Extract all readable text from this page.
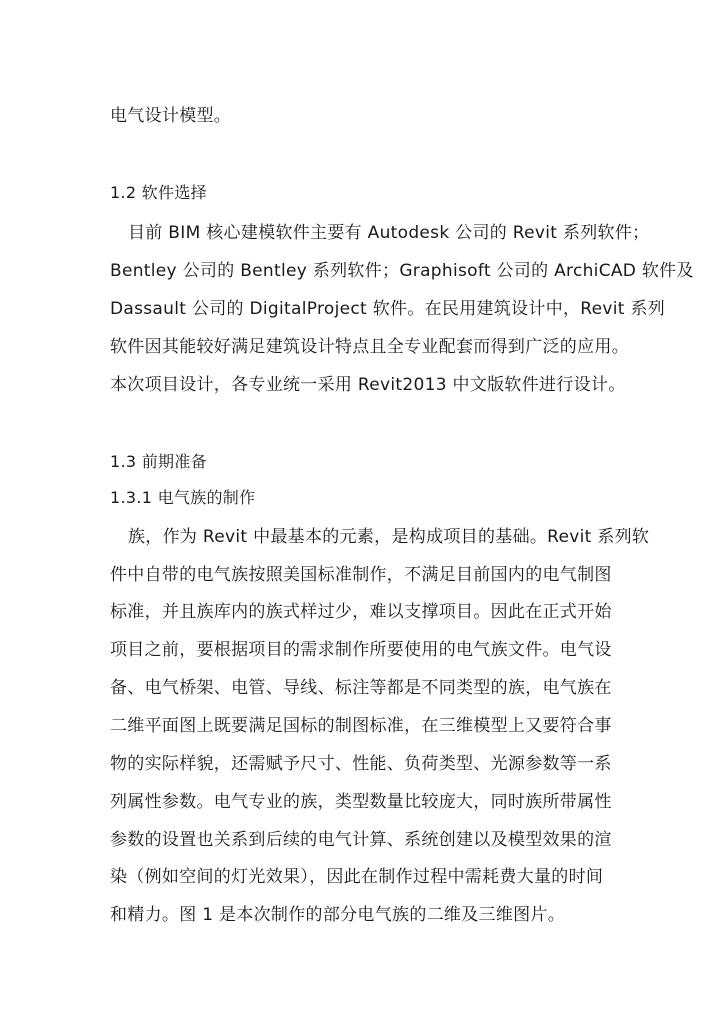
电气设计模型。
1.2 软件选择
目前 BIM 核心建模软件主要有 Autodesk 公司的 Revit 系列软件；
Bentley 公司的 Bentley 系列软件；Graphisoft 公司的 ArchiCAD 软件及
Dassault 公司的 DigitalProject 软件。在民用建筑设计中，Revit 系列
软件因其能较好满足建筑设计特点且全专业配套而得到广泛的应用。
本次项目设计，各专业统一采用 Revit2013 中文版软件进行设计。
1.3 前期准备
1.3.1 电气族的制作
族，作为 Revit 中最基本的元素，是构成项目的基础。Revit 系列软
件中自带的电气族按照美国标准制作，不满足目前国内的电气制图
标准，并且族库内的族式样过少，难以支撑项目。因此在正式开始
项目之前，要根据项目的需求制作所要使用的电气族文件。电气设
备、电气桥架、电管、导线、标注等都是不同类型的族，电气族在
二维平面图上既要满足国标的制图标准，在三维模型上又要符合事
物的实际样貌，还需赋予尺寸、性能、负荷类型、光源参数等一系
列属性参数。电气专业的族，类型数量比较庞大，同时族所带属性
参数的设置也关系到后续的电气计算、系统创建以及模型效果的渲
染（例如空间的灯光效果），因此在制作过程中需耗费大量的时间
和精力。图 1 是本次制作的部分电气族的二维及三维图片。
